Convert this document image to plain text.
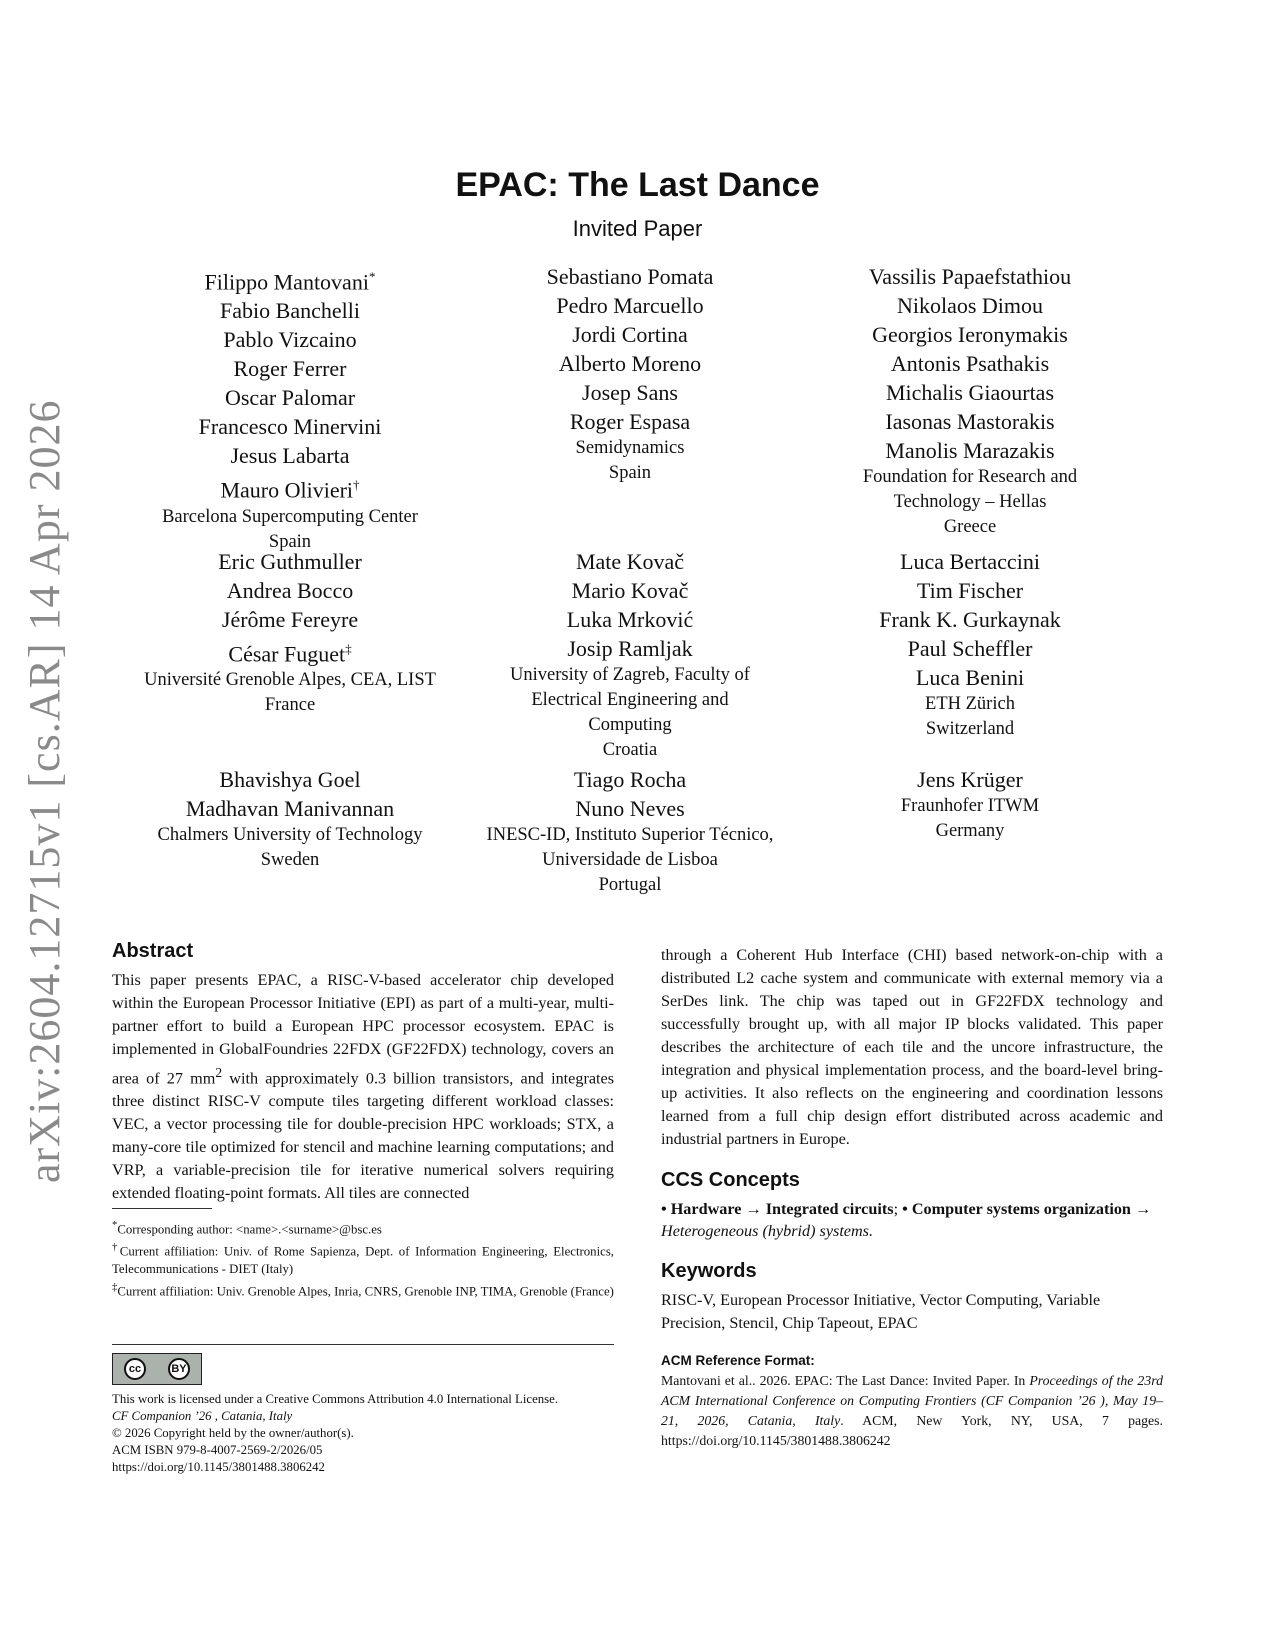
arXiv:2604.12715v1 [cs.AR] 14 Apr 2026
EPAC: The Last Dance
Invited Paper
Filippo Mantovani*
Fabio Banchelli
Pablo Vizcaino
Roger Ferrer
Oscar Palomar
Francesco Minervini
Jesus Labarta
Mauro Olivieri†
Barcelona Supercomputing Center
Spain
Sebastiano Pomata
Pedro Marcuello
Jordi Cortina
Alberto Moreno
Josep Sans
Roger Espasa
Semidynamics
Spain
Vassilis Papaefstathiou
Nikolaos Dimou
Georgios Ieronymakis
Antonis Psathakis
Michalis Giaourtas
Iasonas Mastorakis
Manolis Marazakis
Foundation for Research and
Technology – Hellas
Greece
Eric Guthmuller
Andrea Bocco
Jérôme Fereyre
César Fuguet‡
Université Grenoble Alpes, CEA, LIST
France
Mate Kovač
Mario Kovač
Luka Mrković
Josip Ramljak
University of Zagreb, Faculty of
Electrical Engineering and
Computing
Croatia
Luca Bertaccini
Tim Fischer
Frank K. Gurkaynak
Paul Scheffler
Luca Benini
ETH Zürich
Switzerland
Bhavishya Goel
Madhavan Manivannan
Chalmers University of Technology
Sweden
Tiago Rocha
Nuno Neves
INESC-ID, Instituto Superior Técnico,
Universidade de Lisboa
Portugal
Jens Krüger
Fraunhofer ITWM
Germany
Abstract

This paper presents EPAC, a RISC-V-based accelerator chip developed within the European Processor Initiative (EPI) as part of a multi-year, multi-partner effort to build a European HPC processor ecosystem. EPAC is implemented in GlobalFoundries 22FDX (GF22FDX) technology, covers an area of 27 $mm^2$ with approximately 0.3 billion transistors, and integrates three distinct RISC-V compute tiles targeting different workload classes: VEC, a vector processing tile for double-precision HPC workloads; STX, a many-core tile optimized for stencil and machine learning computations; and VRP, a variable-precision tile for iterative numerical solvers requiring extended floating-point formats. All tiles are connected

*Corresponding author: <name>.<surname>@bsc.es

†Current affiliation: Univ. of Rome Sapienza, Dept. of Information Engineering, Electronics, Telecommunications - DIET (Italy)

‡Current affiliation: Univ. Grenoble Alpes, Inria, CNRS, Grenoble INP, TIMA, Grenoble (France)

cc	BY

This work is licensed under a Creative Commons Attribution 4.0 International License.

CF Companion ’26 , Catania, Italy

© 2026 Copyright held by the owner/author(s).

ACM ISBN 979-8-4007-2569-2/2026/05

https://doi.org/10.1145/3801488.3806242

through a Coherent Hub Interface (CHI) based network-on-chip with a distributed L2 cache system and communicate with external memory via a SerDes link. The chip was taped out in GF22FDX technology and successfully brought up, with all major IP blocks validated. This paper describes the architecture of each tile and the uncore infrastructure, the integration and physical implementation process, and the board-level bring-up activities. It also reflects on the engineering and coordination lessons learned from a full chip design effort distributed across academic and industrial partners in Europe.

CCS Concepts

• Hardware → Integrated circuits; • Computer systems organization → Heterogeneous (hybrid) systems.

Keywords

RISC-V, European Processor Initiative, Vector Computing, Variable Precision, Stencil, Chip Tapeout, EPAC

ACM Reference Format:

Mantovani et al.. 2026. EPAC: The Last Dance: Invited Paper. In Proceedings of the 23rd ACM International Conference on Computing Frontiers (CF Companion ’26 ), May 19–21, 2026, Catania, Italy. ACM, New York, NY, USA, 7 pages. https://doi.org/10.1145/3801488.3806242
